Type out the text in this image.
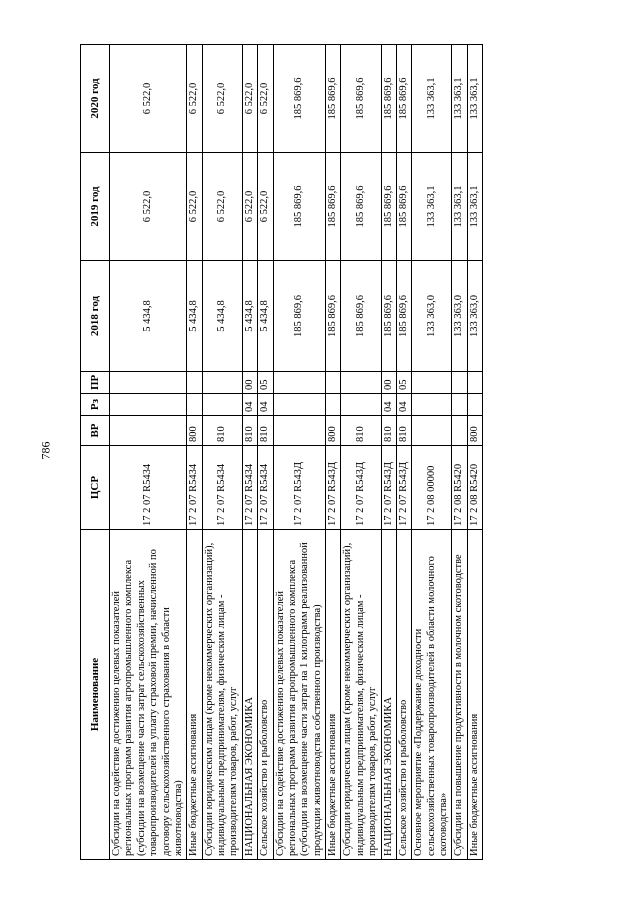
786
Наименование	ЦСР	ВР	Рз	ПР	2018 год	2019 год	2020 год
Субсидии на содействие достижению целевых показателей региональных программ развития агропромышленного комплекса (субсидии на возмещение части затрат сельскохозяйственных товаропроизводителей на уплату страховой премии, начисленной по договору сельскохозяйственного страхования в области животноводства)	17 2 07 R5434				5 434,8	6 522,0	6 522,0
Иные бюджетные ассигнования	17 2 07 R5434	800			5 434,8	6 522,0	6 522,0
Субсидии юридическим лицам (кроме некоммерческих организаций), индивидуальным предпринимателям, физическим лицам - производителям товаров, работ, услуг	17 2 07 R5434	810			5 434,8	6 522,0	6 522,0
НАЦИОНАЛЬНАЯ ЭКОНОМИКА	17 2 07 R5434	810	04	00	5 434,8	6 522,0	6 522,0
Сельское хозяйство и рыболовство	17 2 07 R5434	810	04	05	5 434,8	6 522,0	6 522,0
Субсидии на содействие достижению целевых показателей региональных программ развития агропромышленного комплекса (субсидии на возмещение части затрат на 1 килограмм реализованной продукции животноводства собственного производства)	17 2 07 R543Д				185 869,6	185 869,6	185 869,6
Иные бюджетные ассигнования	17 2 07 R543Д	800			185 869,6	185 869,6	185 869,6
Субсидии юридическим лицам (кроме некоммерческих организаций), индивидуальным предпринимателям, физическим лицам - производителям товаров, работ, услуг	17 2 07 R543Д	810			185 869,6	185 869,6	185 869,6
НАЦИОНАЛЬНАЯ ЭКОНОМИКА	17 2 07 R543Д	810	04	00	185 869,6	185 869,6	185 869,6
Сельское хозяйство и рыболовство	17 2 07 R543Д	810	04	05	185 869,6	185 869,6	185 869,6
Основное мероприятие «Поддержание доходности сельскохозяйственных товаропроизводителей в области молочного скотоводства»	17 2 08 00000				133 363,0	133 363,1	133 363,1
Субсидии на повышение продуктивности в молочном скотоводстве	17 2 08 R5420				133 363,0	133 363,1	133 363,1
Иные бюджетные ассигнования	17 2 08 R5420	800			133 363,0	133 363,1	133 363,1
